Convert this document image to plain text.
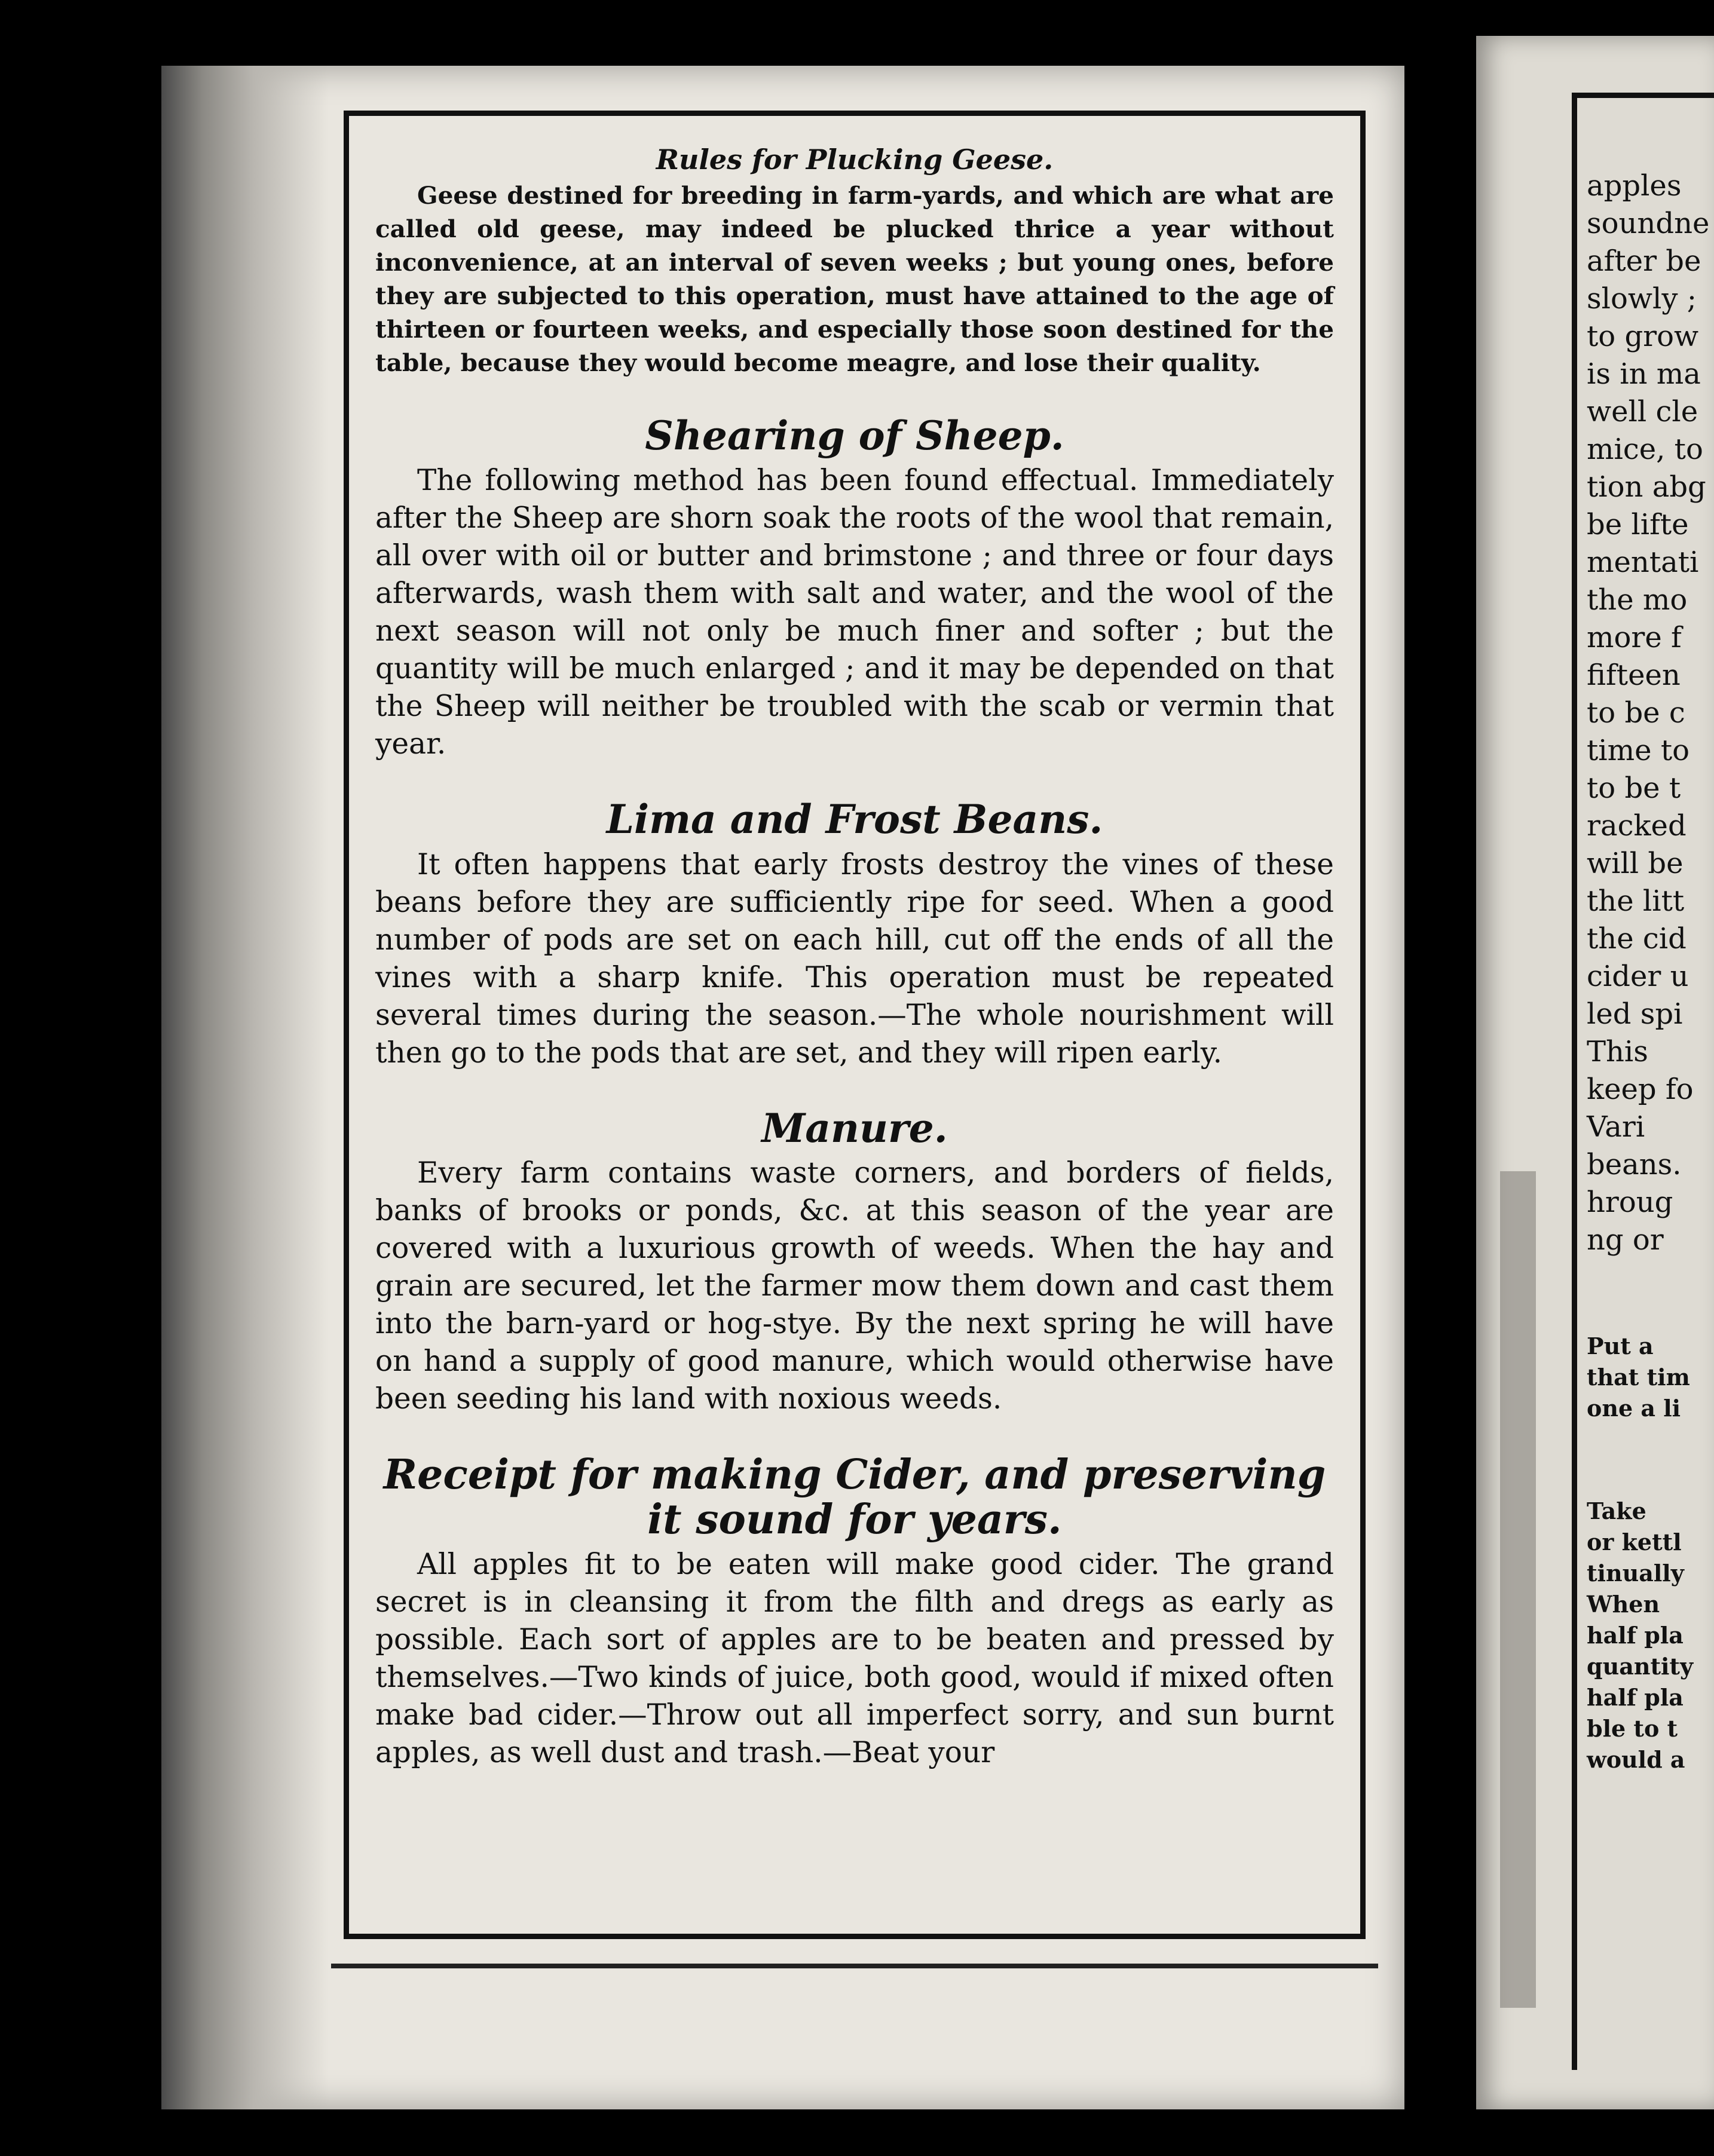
Rules for Plucking Geese.

Geese destined for breeding in farm-yards, and which are what are called old geese, may indeed be plucked thrice a year without inconvenience, at an interval of seven weeks ; but young ones, before they are subjected to this operation, must have attained to the age of thirteen or fourteen weeks, and especially those soon destined for the table, because they would become meagre, and lose their quality.

Shearing of Sheep.

The following method has been found effectual. Immediately after the Sheep are shorn soak the roots of the wool that remain, all over with oil or butter and brimstone ; and three or four days afterwards, wash them with salt and water, and the wool of the next season will not only be much finer and softer ; but the quantity will be much enlarged ; and it may be depended on that the Sheep will neither be troubled with the scab or vermin that year.

Lima and Frost Beans.

It often happens that early frosts destroy the vines of these beans before they are sufficiently ripe for seed. When a good number of pods are set on each hill, cut off the ends of all the vines with a sharp knife. This operation must be repeated several times during the season.—The whole nourishment will then go to the pods that are set, and they will ripen early.

Manure.

Every farm contains waste corners, and borders of fields, banks of brooks or ponds, &c. at this season of the year are covered with a luxurious growth of weeds. When the hay and grain are secured, let the farmer mow them down and cast them into the barn-yard or hog-stye. By the next spring he will have on hand a supply of good manure, which would otherwise have been seeding his land with noxious weeds.

Receipt for making Cider, and preserving it sound for years.

All apples fit to be eaten will make good cider. The grand secret is in cleansing it from the filth and dregs as early as possible. Each sort of apples are to be beaten and pressed by themselves.—Two kinds of juice, both good, would if mixed often make bad cider.—Throw out all imperfect sorry, and sun burnt apples, as well dust and trash.—Beat your

apples
soundne
after be
slowly ;
to grow
is in ma
well cle
mice, to
tion abg
be lifte
mentati
the mo
more f
fifteen
to be c
time to
to be t
racked
will be
the litt
the cid
cider u
led spi
This
keep fo
Vari
beans.
hroug
ng or
Put a
that tim
one a li
Take
or kettl
tinually
When
half pla
quantity
half pla
ble to t
would a
